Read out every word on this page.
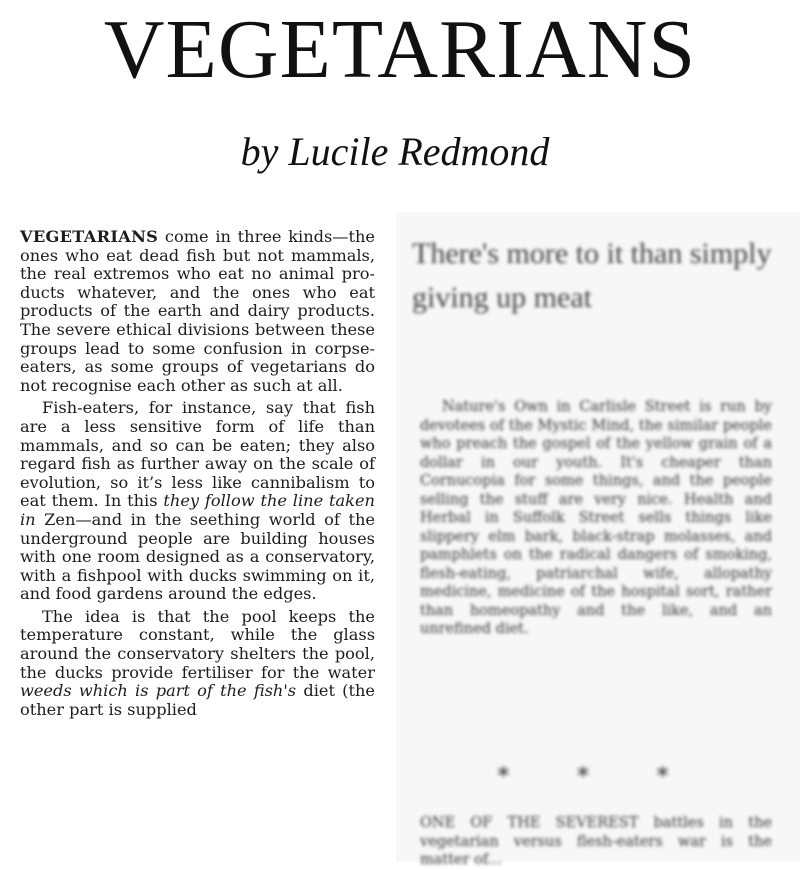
VEGETARIANS
by Lucile Redmond

VEGETARIANS come in three kinds—the ones who eat dead fish but not mammals, the real extremos who eat no animal products whatever, and the ones who eat products of the earth and dairy products. The severe ethical divisions between these groups lead to some confusion in corpse-eaters, as some groups of vegetarians do not recognise each other as such at all.

Fish-eaters, for instance, say that fish are a less sensitive form of life than mammals, and so can be eaten; they also regard fish as further away on the scale of evolution, so it’s less like cannibalism to eat them. In this they follow the line taken in Zen—and in the seething world of the underground people are building houses with one room designed as a conservatory, with a fishpool with ducks swimming on it, and food gardens around the edges.

The idea is that the pool keeps the temperature constant, while the glass around the conservatory shelters the pool, the ducks provide fertiliser for the water weeds which is part of the fish's diet (the other part is supplied

There's more to it than simply giving up meat

Nature's Own in Carlisle Street is run by devotees of the Mystic Mind, the similar people who preach the gospel of the yellow grain of a dollar in our youth. It's cheaper than Cornucopia for some things, and the people selling the stuff are very nice. Health and Herbal in Suffolk Street sells things like slippery elm bark, black-strap molasses, and pamphlets on the radical dangers of smoking, flesh-eating, patriarchal wife, allopathy medicine, medicine of the hospital sort, rather than homeopathy and the like, and an unrefined diet.

* * *

ONE OF THE SEVEREST battles in the vegetarian versus flesh-eaters war is the matter of...
